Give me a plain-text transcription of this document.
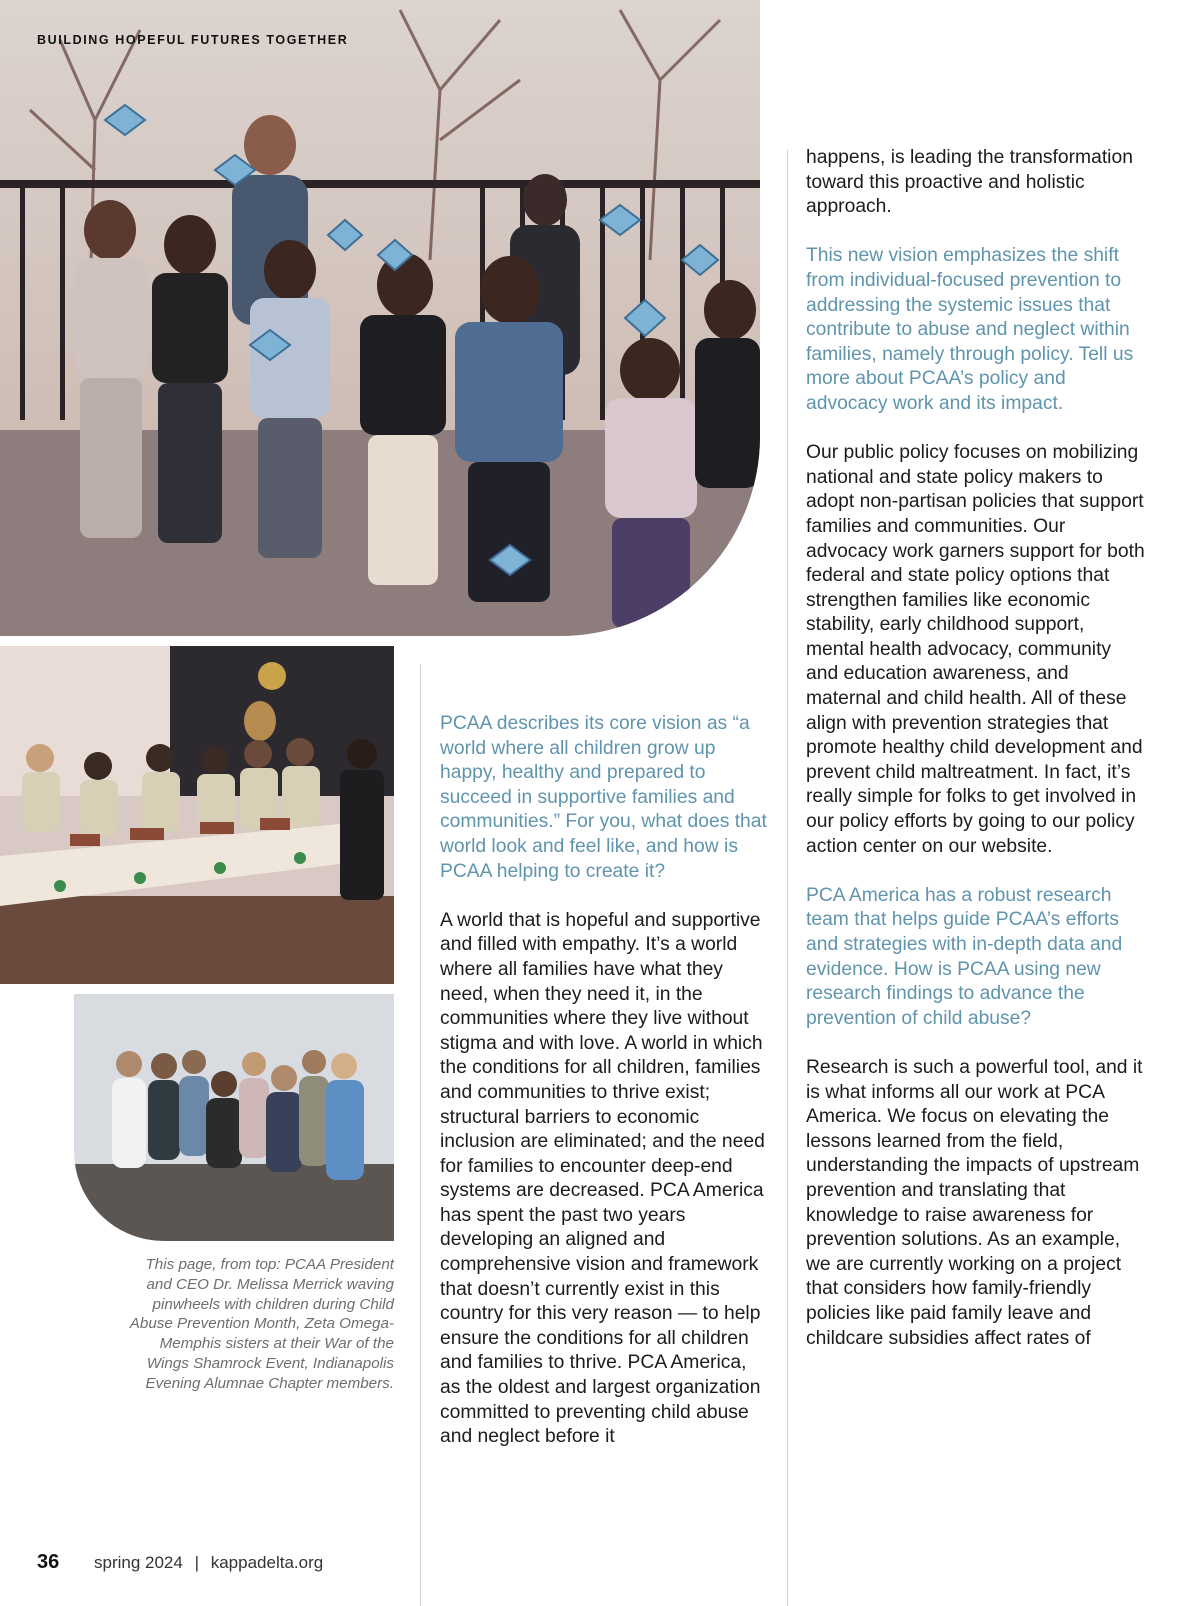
BUILDING HOPEFUL FUTURES TOGETHER
This page, from top: PCAA President and CEO Dr. Melissa Merrick waving pinwheels with children during Child Abuse Prevention Month, Zeta Omega-Memphis sisters at their War of the Wings Shamrock Event, Indianapolis Evening Alumnae Chapter members.

PCAA describes its core vision as “a world where all children grow up happy, healthy and prepared to succeed in supportive families and communities.” For you, what does that world look and feel like, and how is PCAA helping to create it?

A world that is hopeful and supportive and filled with empathy. It’s a world where all families have what they need, when they need it, in the communities where they live without stigma and with love. A world in which the conditions for all children, families and communities to thrive exist; structural barriers to economic inclusion are eliminated; and the need for families to encounter deep-end systems are decreased. PCA America has spent the past two years developing an aligned and comprehensive vision and framework that doesn’t currently exist in this country for this very reason — to help ensure the conditions for all children and families to thrive. PCA America, as the oldest and largest organization committed to preventing child abuse and neglect before it

happens, is leading the transformation toward this proactive and holistic approach.

This new vision emphasizes the shift from individual-focused prevention to addressing the systemic issues that contribute to abuse and neglect within families, namely through policy. Tell us more about PCAA’s policy and advocacy work and its impact.

Our public policy focuses on mobilizing national and state policy makers to adopt non-partisan policies that support families and communities. Our advocacy work garners support for both federal and state policy options that strengthen families like economic stability, early childhood support, mental health advocacy, community and education awareness, and maternal and child health. All of these align with prevention strategies that promote healthy child development and prevent child maltreatment. In fact, it’s really simple for folks to get involved in our policy efforts by going to our policy action center on our website.

PCA America has a robust research team that helps guide PCAA’s efforts and strategies with in-depth data and evidence. How is PCAA using new research findings to advance the prevention of child abuse?

Research is such a powerful tool, and it is what informs all our work at PCA America. We focus on elevating the lessons learned from the field, understanding the impacts of upstream prevention and translating that knowledge to raise awareness for prevention solutions. As an example, we are currently working on a project that considers how family-friendly policies like paid family leave and childcare subsidies affect rates of

36 spring 2024 | kappadelta.org
